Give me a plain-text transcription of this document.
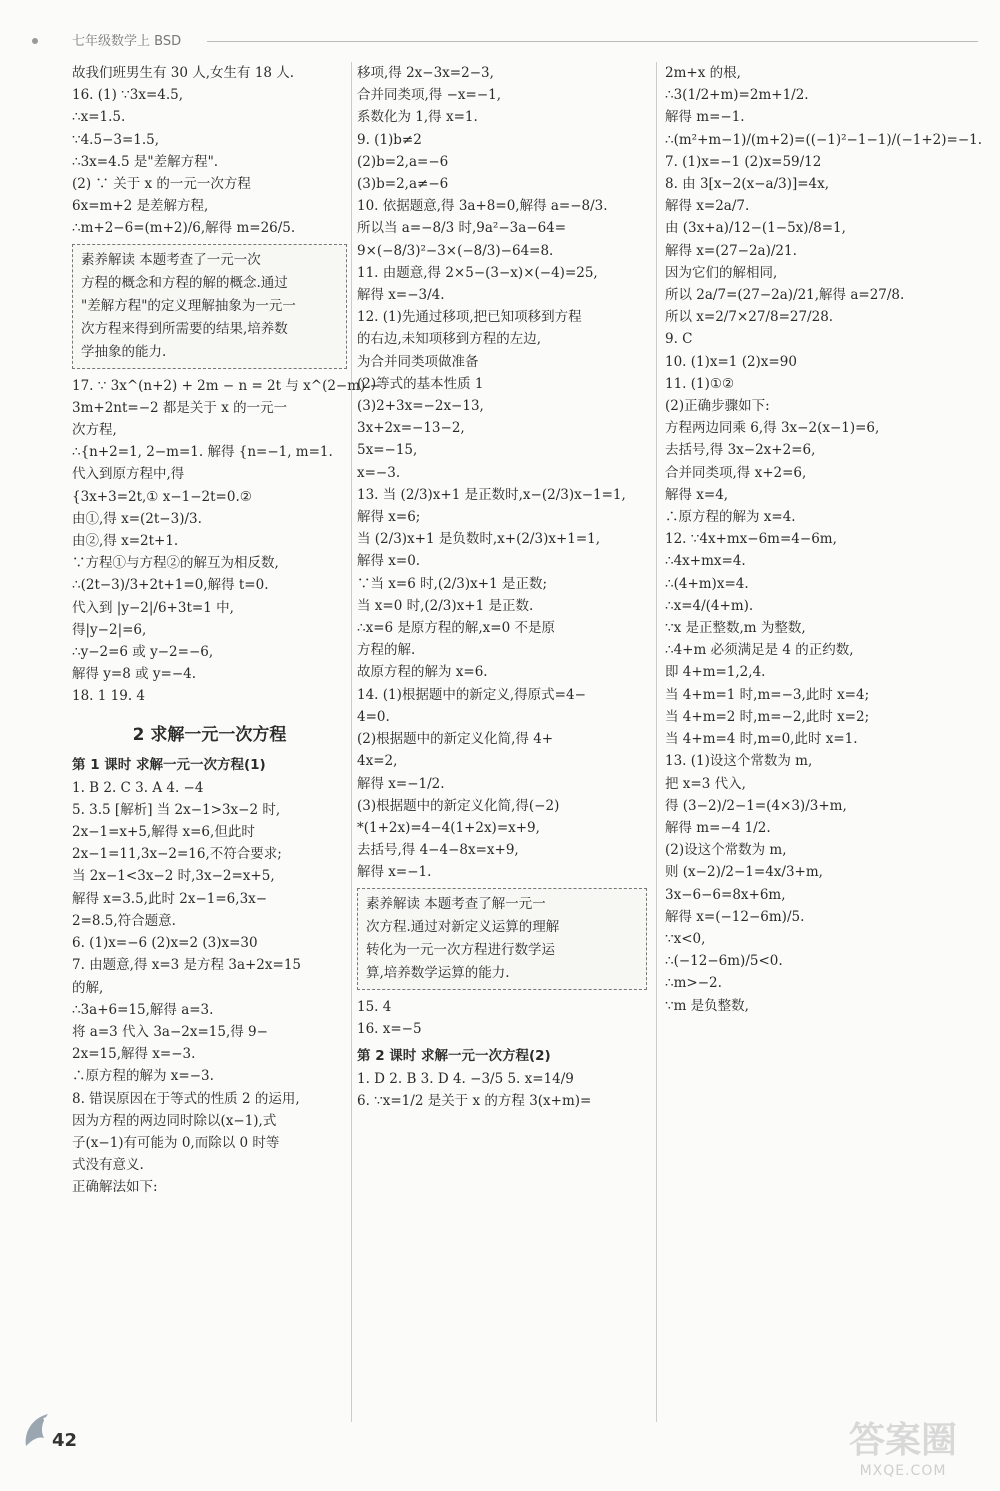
七年级数学上 BSD
故我们班男生有 30 人,女生有 18 人.
16. (1) ∵3x=4.5,
∴x=1.5.
∵4.5−3=1.5,
∴3x=4.5 是"差解方程".
(2) ∵ 关于 x 的一元一次方程
6x=m+2 是差解方程,
∴m+2−6=(m+2)/6,解得 m=26/5.
素养解读 本题考查了一元一次
方程的概念和方程的解的概念.通过
"差解方程"的定义理解抽象为一元一
次方程来得到所需要的结果,培养数
学抽象的能力.
17. ∵ 3x^(n+2) + 2m − n = 2t 与 x^(2−m) −
3m+2nt=−2 都是关于 x 的一元一
次方程,
∴{n+2=1, 2−m=1. 解得 {n=−1, m=1.
代入到原方程中,得
{3x+3=2t,① x−1−2t=0.②
由①,得 x=(2t−3)/3.
由②,得 x=2t+1.
∵方程①与方程②的解互为相反数,
∴(2t−3)/3+2t+1=0,解得 t=0.
代入到 |y−2|/6+3t=1 中,
得|y−2|=6,
∴y−2=6 或 y−2=−6,
解得 y=8 或 y=−4.
18. 1 19. 4
2 求解一元一次方程
第 1 课时 求解一元一次方程(1)
1. B 2. C 3. A 4. −4
5. 3.5 [解析] 当 2x−1>3x−2 时,
2x−1=x+5,解得 x=6,但此时
2x−1=11,3x−2=16,不符合要求;
当 2x−1<3x−2 时,3x−2=x+5,
解得 x=3.5,此时 2x−1=6,3x−
2=8.5,符合题意.
6. (1)x=−6 (2)x=2 (3)x=30
7. 由题意,得 x=3 是方程 3a+2x=15
的解,
∴3a+6=15,解得 a=3.
将 a=3 代入 3a−2x=15,得 9−
2x=15,解得 x=−3.
∴原方程的解为 x=−3.
8. 错误原因在于等式的性质 2 的运用,
因为方程的两边同时除以(x−1),式
子(x−1)有可能为 0,而除以 0 时等
式没有意义.
正确解法如下:
移项,得 2x−3x=2−3,
合并同类项,得 −x=−1,
系数化为 1,得 x=1.
9. (1)b≠2
(2)b=2,a=−6
(3)b=2,a≠−6
10. 依据题意,得 3a+8=0,解得 a=−8/3.
所以当 a=−8/3 时,9a²−3a−64=
9×(−8/3)²−3×(−8/3)−64=8.
11. 由题意,得 2×5−(3−x)×(−4)=25,
解得 x=−3/4.
12. (1)先通过移项,把已知项移到方程
的右边,未知项移到方程的左边,
为合并同类项做准备
(2)等式的基本性质 1
(3)2+3x=−2x−13,
3x+2x=−13−2,
5x=−15,
x=−3.
13. 当 (2/3)x+1 是正数时,x−(2/3)x−1=1,
解得 x=6;
当 (2/3)x+1 是负数时,x+(2/3)x+1=1,
解得 x=0.
∵当 x=6 时,(2/3)x+1 是正数;
当 x=0 时,(2/3)x+1 是正数.
∴x=6 是原方程的解,x=0 不是原
方程的解.
故原方程的解为 x=6.
14. (1)根据题中的新定义,得原式=4−
4=0.
(2)根据题中的新定义化简,得 4+
4x=2,
解得 x=−1/2.
(3)根据题中的新定义化简,得(−2)
*(1+2x)=4−4(1+2x)=x+9,
去括号,得 4−4−8x=x+9,
解得 x=−1.
素养解读 本题考查了解一元一
次方程.通过对新定义运算的理解
转化为一元一次方程进行数学运
算,培养数学运算的能力.
15. 4
16. x=−5
第 2 课时 求解一元一次方程(2)
1. D 2. B 3. D 4. −3/5 5. x=14/9
6. ∵x=1/2 是关于 x 的方程 3(x+m)=
2m+x 的根,
∴3(1/2+m)=2m+1/2.
解得 m=−1.
∴(m²+m−1)/(m+2)=((−1)²−1−1)/(−1+2)=−1.
7. (1)x=−1 (2)x=59/12
8. 由 3[x−2(x−a/3)]=4x,
解得 x=2a/7.
由 (3x+a)/12−(1−5x)/8=1,
解得 x=(27−2a)/21.
因为它们的解相同,
所以 2a/7=(27−2a)/21,解得 a=27/8.
所以 x=2/7×27/8=27/28.
9. C
10. (1)x=1 (2)x=90
11. (1)①②
(2)正确步骤如下:
方程两边同乘 6,得 3x−2(x−1)=6,
去括号,得 3x−2x+2=6,
合并同类项,得 x+2=6,
解得 x=4,
∴原方程的解为 x=4.
12. ∵4x+mx−6m=4−6m,
∴4x+mx=4.
∴(4+m)x=4.
∴x=4/(4+m).
∵x 是正整数,m 为整数,
∴4+m 必须满足是 4 的正约数,
即 4+m=1,2,4.
当 4+m=1 时,m=−3,此时 x=4;
当 4+m=2 时,m=−2,此时 x=2;
当 4+m=4 时,m=0,此时 x=1.
13. (1)设这个常数为 m,
把 x=3 代入,
得 (3−2)/2−1=(4×3)/3+m,
解得 m=−4 1/2.
(2)设这个常数为 m,
则 (x−2)/2−1=4x/3+m,
3x−6−6=8x+6m,
解得 x=(−12−6m)/5.
∵x<0,
∴(−12−6m)/5<0.
∴m>−2.
∵m 是负整数,
42	答案圈
MXQE.COM
